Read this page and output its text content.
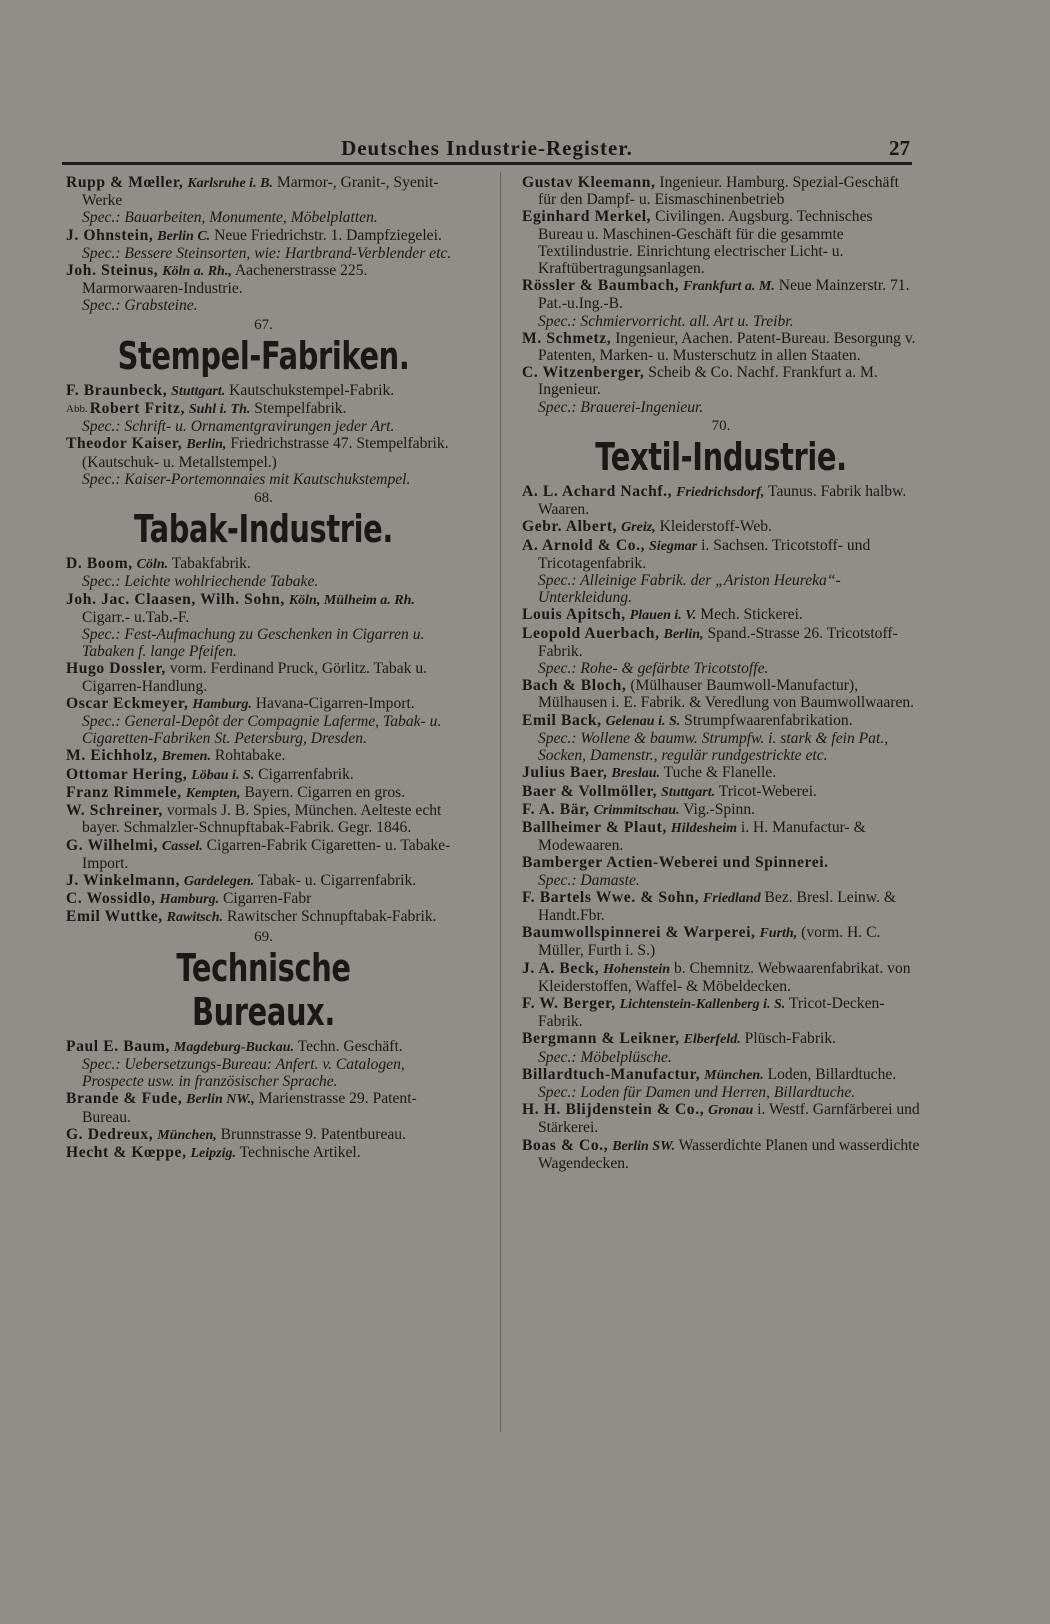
Deutsches Industrie-Register.	27

Rupp & Mœller, Karlsruhe i. B. Marmor-, Granit-, Syenit-Werke

Spec.: Bauarbeiten, Monumente, Möbelplatten.

J. Ohnstein, Berlin C. Neue Friedrichstr. 1. Dampfziegelei.

Spec.: Bessere Steinsorten, wie: Hartbrand-Verblender etc.

Joh. Steinus, Köln a. Rh., Aachenerstrasse 225. Marmorwaaren-Industrie.

Spec.: Grabsteine.

67.
Stempel-Fabriken.

F. Braunbeck, Stuttgart. Kautschukstempel-Fabrik.

Abb. Robert Fritz, Suhl i. Th. Stempelfabrik.

Spec.: Schrift- u. Ornamentgravirungen jeder Art.

Theodor Kaiser, Berlin, Friedrichstrasse 47. Stempelfabrik. (Kautschuk- u. Metallstempel.)

Spec.: Kaiser-Portemonnaies mit Kautschukstempel.

68.
Tabak-Industrie.

D. Boom, Cöln. Tabakfabrik.

Spec.: Leichte wohlriechende Tabake.

Joh. Jac. Claasen, Wilh. Sohn, Köln, Mülheim a. Rh. Cigarr.- u.Tab.-F.

Spec.: Fest-Aufmachung zu Geschenken in Cigarren u. Tabaken f. lange Pfeifen.

Hugo Dossler, vorm. Ferdinand Pruck, Görlitz. Tabak u. Cigarren-Handlung.

Oscar Eckmeyer, Hamburg. Havana-Cigarren-Import.

Spec.: General-Depôt der Compagnie Laferme, Tabak- u. Cigaretten-Fabriken St. Petersburg, Dresden.

M. Eichholz, Bremen. Rohtabake.

Ottomar Hering, Löbau i. S. Cigarrenfabrik.

Franz Rimmele, Kempten, Bayern. Cigarren en gros.

W. Schreiner, vormals J. B. Spies, München. Aelteste echt bayer. Schmalzler-Schnupftabak-Fabrik. Gegr. 1846.

G. Wilhelmi, Cassel. Cigarren-Fabrik Cigaretten- u. Tabake- Import.

J. Winkelmann, Gardelegen. Tabak- u. Cigarrenfabrik.

C. Wossidlo, Hamburg. Cigarren-Fabr

Emil Wuttke, Rawitsch. Rawitscher Schnupftabak-Fabrik.

69.
Technische Bureaux.

Paul E. Baum, Magdeburg-Buckau. Techn. Geschäft.

Spec.: Uebersetzungs-Bureau: Anfert. v. Catalogen, Prospecte usw. in französischer Sprache.

Brande & Fude, Berlin NW., Marienstrasse 29. Patent-Bureau.

G. Dedreux, München, Brunnstrasse 9. Patentbureau.

Hecht & Kœppe, Leipzig. Technische Artikel.

Gustav Kleemann, Ingenieur. Hamburg. Spezial-Geschäft für den Dampf- u. Eismaschinenbetrieb

Eginhard Merkel, Civilingen. Augsburg. Technisches Bureau u. Maschinen-Geschäft für die gesammte Textilindustrie. Einrichtung electrischer Licht- u. Kraftübertragungsanlagen.

Rössler & Baumbach, Frankfurt a. M. Neue Mainzerstr. 71. Pat.-u.Ing.-B.

Spec.: Schmiervorricht. all. Art u. Treibr.

M. Schmetz, Ingenieur, Aachen. Patent-Bureau. Besorgung v. Patenten, Marken- u. Musterschutz in allen Staaten.

C. Witzenberger, Scheib & Co. Nachf. Frankfurt a. M. Ingenieur.

Spec.: Brauerei-Ingenieur.

70.
Textil-Industrie.

A. L. Achard Nachf., Friedrichsdorf, Taunus. Fabrik halbw. Waaren.

Gebr. Albert, Greiz, Kleiderstoff-Web.

A. Arnold & Co., Siegmar i. Sachsen. Tricotstoff- und Tricotagenfabrik.

Spec.: Alleinige Fabrik. der „Ariston Heureka“-Unterkleidung.

Louis Apitsch, Plauen i. V. Mech. Stickerei.

Leopold Auerbach, Berlin, Spand.-Strasse 26. Tricotstoff-Fabrik.

Spec.: Rohe- & gefärbte Tricotstoffe.

Bach & Bloch, (Mülhauser Baumwoll-Manufactur), Mülhausen i. E. Fabrik. & Veredlung von Baumwollwaaren.

Emil Back, Gelenau i. S. Strumpfwaarenfabrikation.

Spec.: Wollene & baumw. Strumpfw. i. stark & fein Pat., Socken, Damenstr., regulär rundgestrickte etc.

Julius Baer, Breslau. Tuche & Flanelle.

Baer & Vollmöller, Stuttgart. Tricot-Weberei.

F. A. Bär, Crimmitschau. Vig.-Spinn.

Ballheimer & Plaut, Hildesheim i. H. Manufactur- & Modewaaren.

Bamberger Actien-Weberei und Spinnerei.

Spec.: Damaste.

F. Bartels Wwe. & Sohn, Friedland Bez. Bresl. Leinw. & Handt.Fbr.

Baumwollspinnerei & Warperei, Furth, (vorm. H. C. Müller, Furth i. S.)

J. A. Beck, Hohenstein b. Chemnitz. Webwaarenfabrikat. von Kleiderstoffen, Waffel- & Möbeldecken.

F. W. Berger, Lichtenstein-Kallenberg i. S. Tricot-Decken-Fabrik.

Bergmann & Leikner, Elberfeld. Plüsch-Fabrik.

Spec.: Möbelplüsche.

Billardtuch-Manufactur, München. Loden, Billardtuche.

Spec.: Loden für Damen und Herren, Billardtuche.

H. H. Blijdenstein & Co., Gronau i. Westf. Garnfärberei und Stärkerei.

Boas & Co., Berlin SW. Wasserdichte Planen und wasserdichte Wagendecken.
